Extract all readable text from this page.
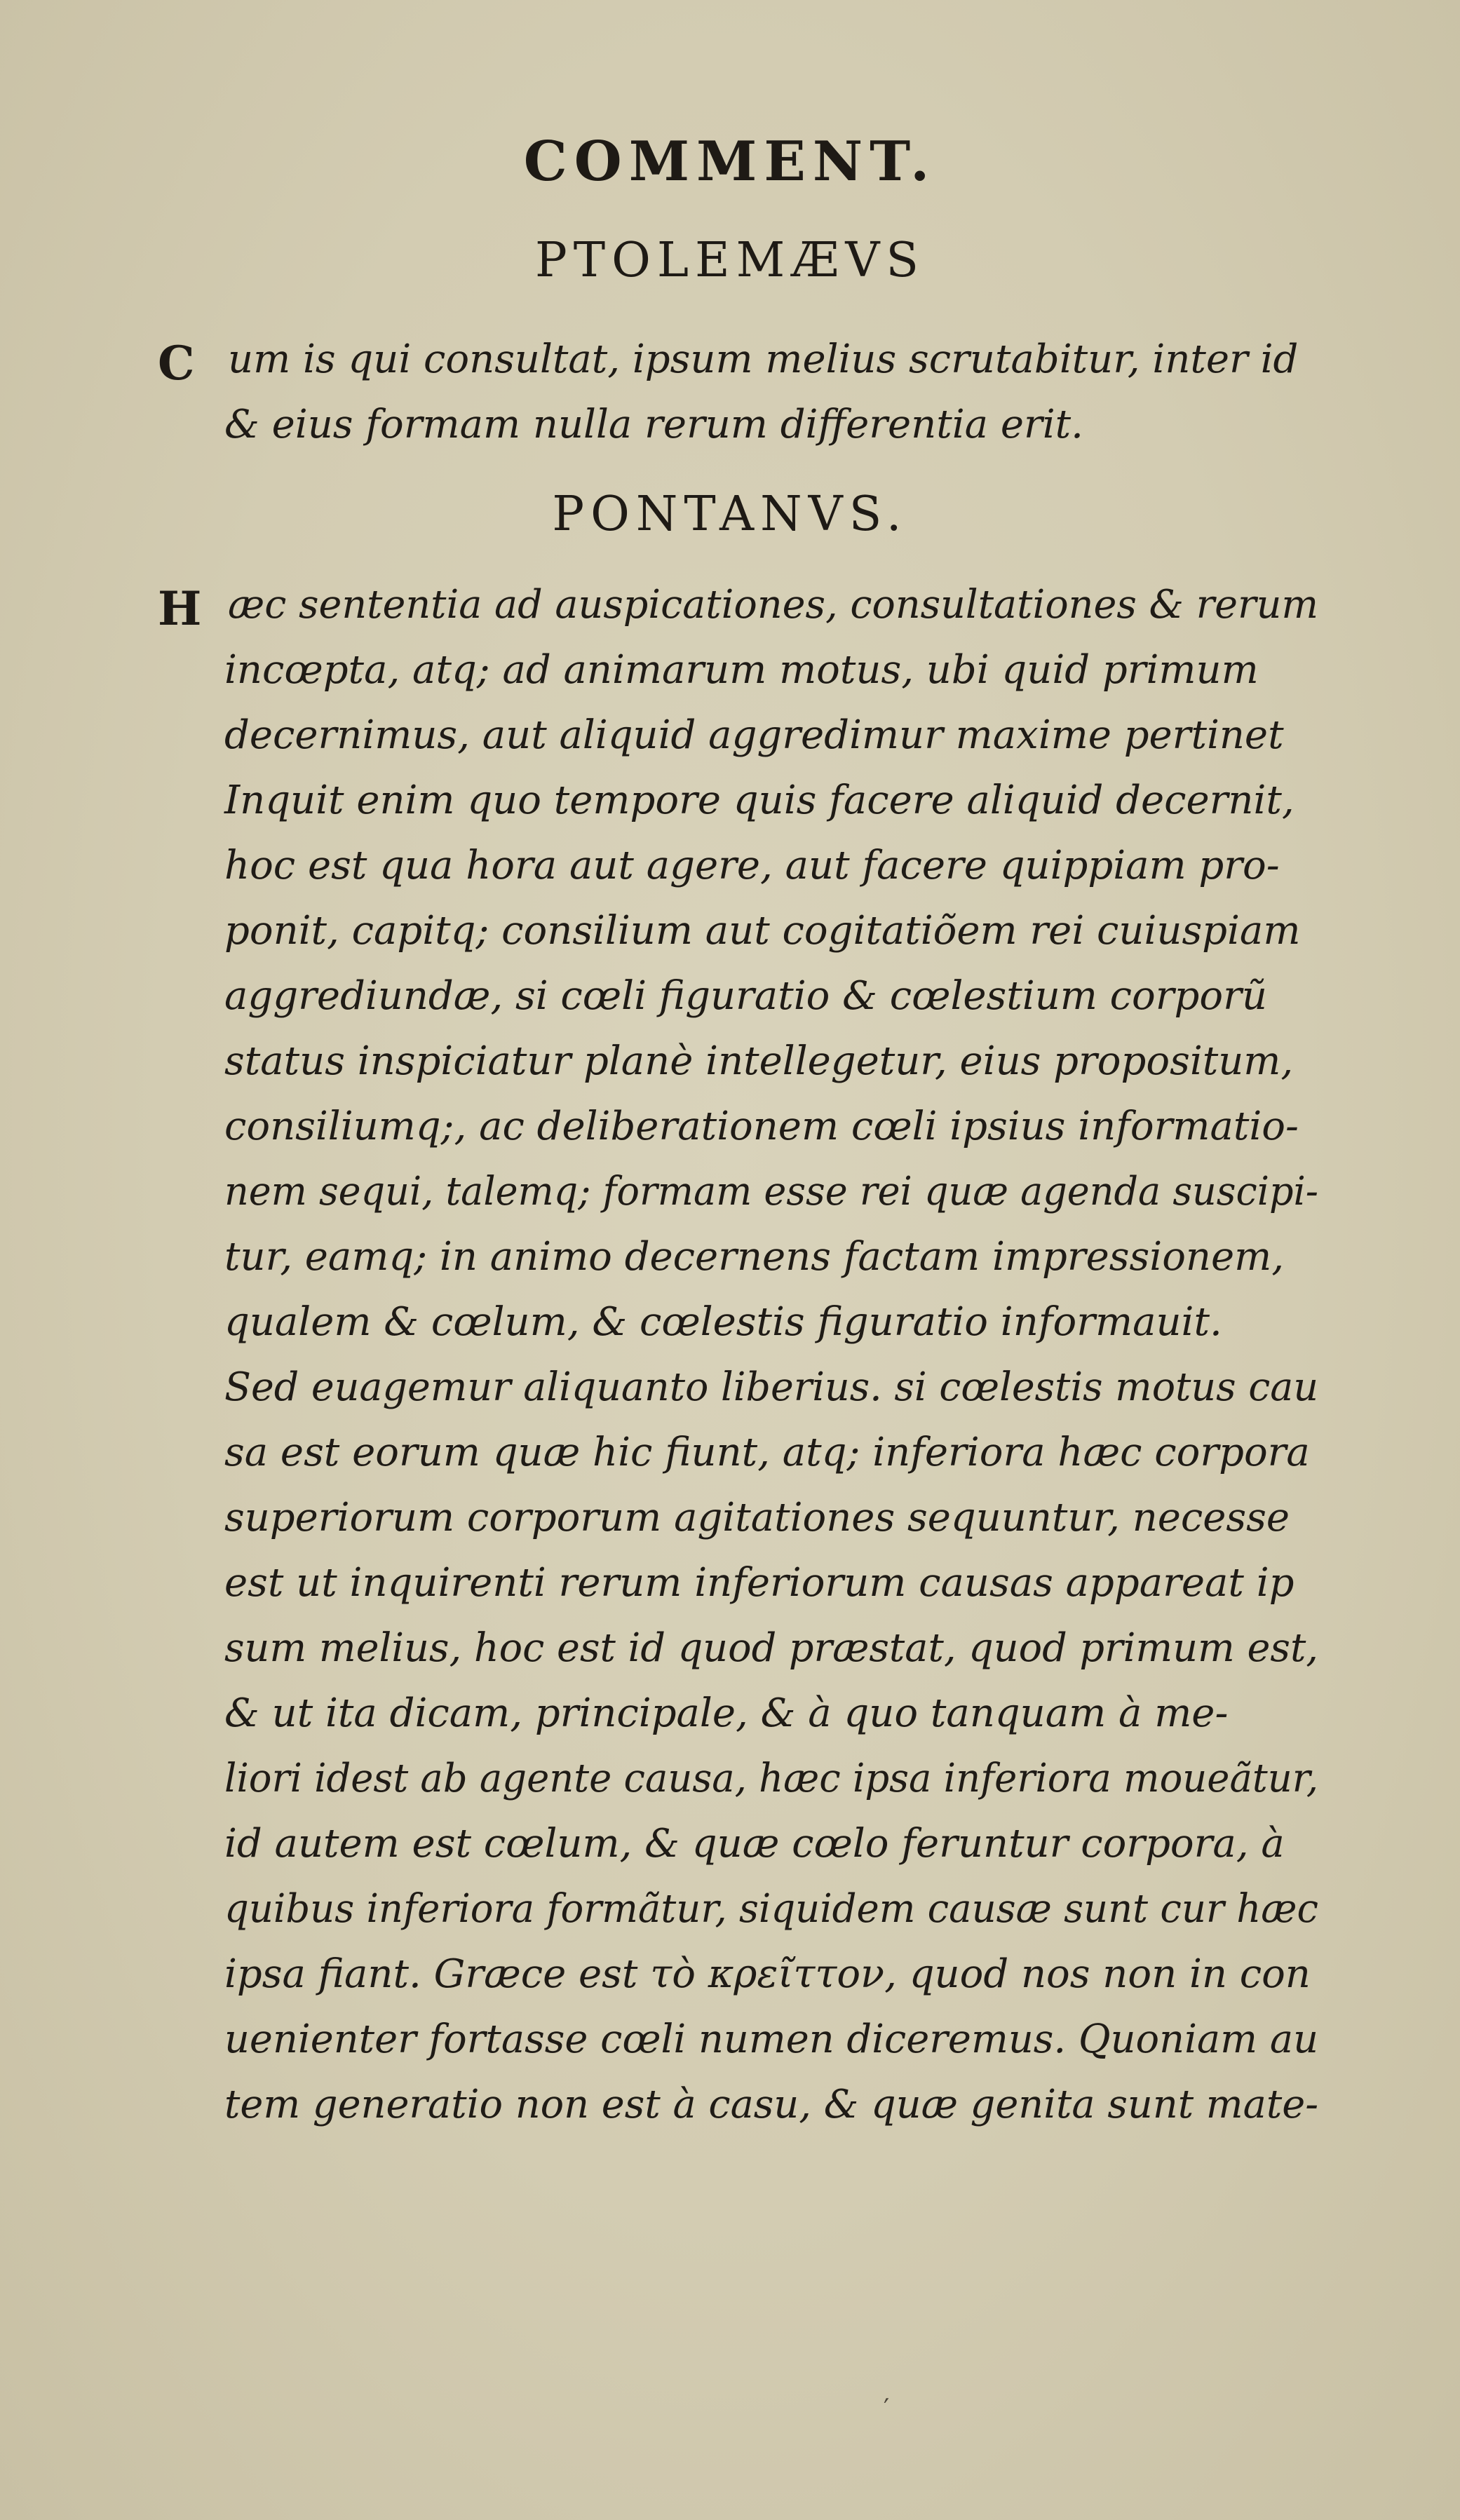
COMMENT.
PTOLEMÆVS
C um is qui consultat, ipsum melius scrutabitur, inter id
& eius formam nulla rerum differentia erit.
PONTANVS.
H æc sententia ad auspicationes, consultationes & rerum
incœpta, atq; ad animarum motus, ubi quid primum
decernimus, aut aliquid aggredimur maxime pertinet
Inquit enim quo tempore quis facere aliquid decernit,
hoc est qua hora aut agere, aut facere quippiam pro-
ponit, capitq; consilium aut cogitatiõem rei cuiuspiam
aggrediundæ, si cœli figuratio & cœlestium corporũ
status inspiciatur planè intellegetur, eius propositum,
consiliumq;, ac deliberationem cœli ipsius informatio-
nem sequi, talemq; formam esse rei quæ agenda suscipi-
tur, eamq; in animo decernens factam impressionem,
qualem & cœlum, & cœlestis figuratio informauit.
Sed euagemur aliquanto liberius. si cœlestis motus cau
sa est eorum quæ hic fiunt, atq; inferiora hæc corpora
superiorum corporum agitationes sequuntur, necesse
est ut inquirenti rerum inferiorum causas appareat ip
sum melius, hoc est id quod præstat, quod primum est,
& ut ita dicam, principale, & à quo tanquam à me-
liori idest ab agente causa, hæc ipsa inferiora moueãtur,
id autem est cœlum, & quæ cœlo feruntur corpora, à
quibus inferiora formãtur, siquidem causæ sunt cur hæc
ipsa fiant. Græce est τὸ κρεῖττον, quod nos non in con
uenienter fortasse cœli numen diceremus. Quoniam au
tem generatio non est à casu, & quæ genita sunt mate-
′
